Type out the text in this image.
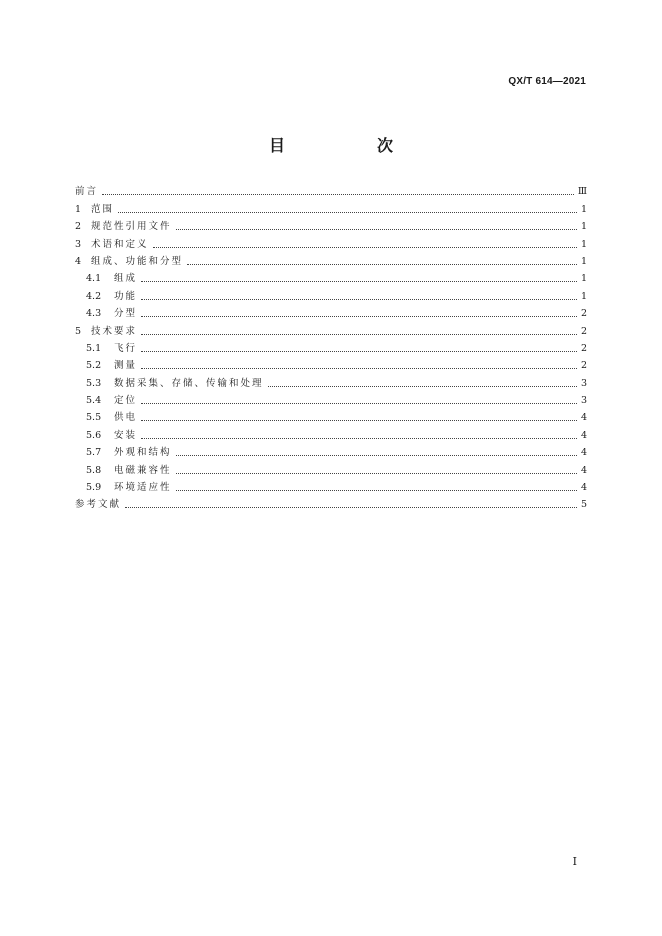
QX/T 614—2021
目　次
前言	Ⅲ
1	范围	1
2	规范性引用文件	1
3	术语和定义	1
4	组成、功能和分型	1
4.1	组成	1
4.2	功能	1
4.3	分型	2
5	技术要求	2
5.1	飞行	2
5.2	测量	2
5.3	数据采集、存储、传输和处理	3
5.4	定位	3
5.5	供电	4
5.6	安装	4
5.7	外观和结构	4
5.8	电磁兼容性	4
5.9	环境适应性	4
参考文献	5
Ⅰ
